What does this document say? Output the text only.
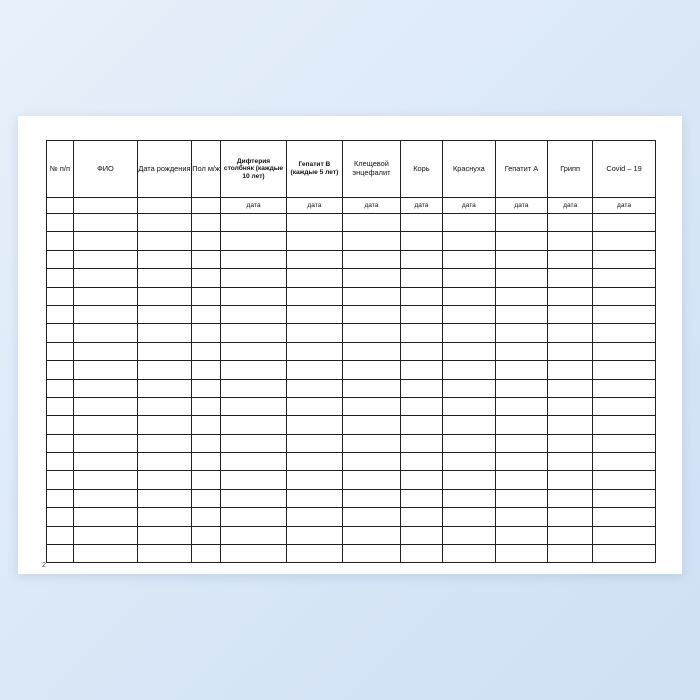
№ п/п	ФИО	Дата рождения	Пол м/ж	Дифтерия столбняк (каждые 10 лет)	Гепатит B (каждые 5 лет)	Клещевой энцефалит	Корь	Краснуха	Гепатит A	Грипп	Covid – 19
				дата	дата	дата	дата	дата	дата	дата	дата

2
